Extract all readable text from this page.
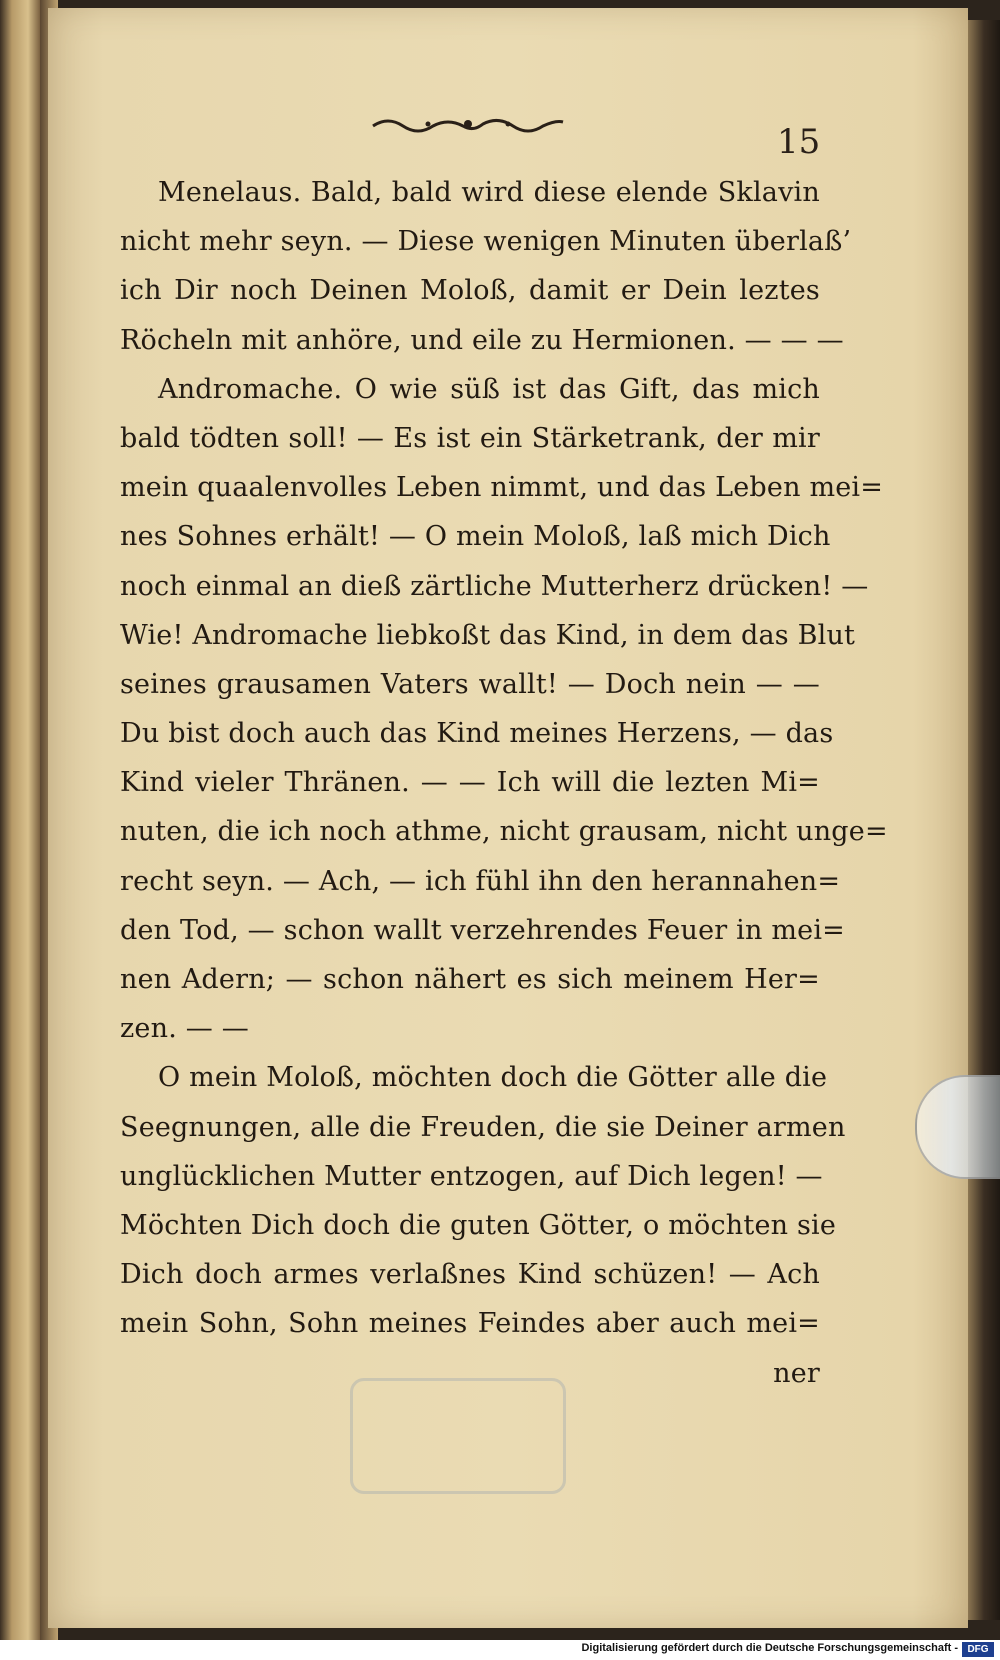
15
Menelaus. Bald, bald wird diese elende Sklavin
nicht mehr seyn. — Diese wenigen Minuten überlaß’
ich Dir noch Deinen Moloß, damit er Dein leztes
Röcheln mit anhöre, und eile zu Hermionen. — — —
Andromache. O wie süß ist das Gift, das mich
bald tödten soll! — Es ist ein Stärketrank, der mir
mein quaalenvolles Leben nimmt, und das Leben mei=
nes Sohnes erhält! — O mein Moloß, laß mich Dich
noch einmal an dieß zärtliche Mutterherz drücken! —
Wie! Andromache liebkoßt das Kind, in dem das Blut
seines grausamen Vaters wallt! — Doch nein — —
Du bist doch auch das Kind meines Herzens, — das
Kind vieler Thränen. — — Ich will die lezten Mi=
nuten, die ich noch athme, nicht grausam, nicht unge=
recht seyn. — Ach, — ich fühl ihn den herannahen=
den Tod, — schon wallt verzehrendes Feuer in mei=
nen Adern; — schon nähert es sich meinem Her=
zen. — —
O mein Moloß, möchten doch die Götter alle die
Seegnungen, alle die Freuden, die sie Deiner armen
unglücklichen Mutter entzogen, auf Dich legen! —
Möchten Dich doch die guten Götter, o möchten sie
Dich doch armes verlaßnes Kind schüzen! — Ach
mein Sohn, Sohn meines Feindes aber auch mei=
ner
Digitalisierung gefördert durch die Deutsche Forschungsgemeinschaft - DFG
